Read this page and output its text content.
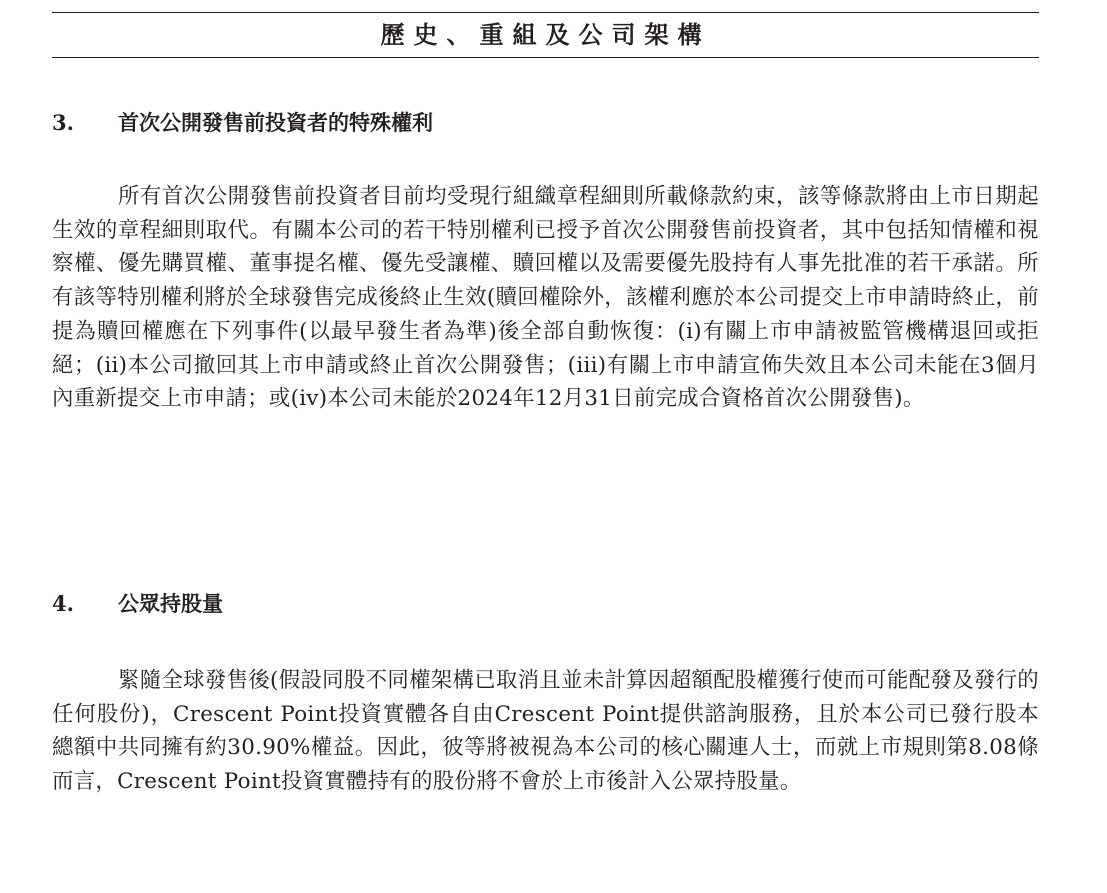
歷史、重組及公司架構
3.	首次公開發售前投資者的特殊權利
所有首次公開發售前投資者目前均受現行組織章程細則所載條款約束，該等條款將由上市日期起生效的章程細則取代。有關本公司的若干特別權利已授予首次公開發售前投資者，其中包括知情權和視察權、優先購買權、董事提名權、優先受讓權、贖回權以及需要優先股持有人事先批准的若干承諾。所有該等特別權利將於全球發售完成後終止生效(贖回權除外，該權利應於本公司提交上市申請時終止，前提為贖回權應在下列事件(以最早發生者為準)後全部自動恢復：(i)有關上市申請被監管機構退回或拒絕；(ii)本公司撤回其上市申請或終止首次公開發售；(iii)有關上市申請宣佈失效且本公司未能在3個月內重新提交上市申請；或(iv)本公司未能於2024年12月31日前完成合資格首次公開發售)。
4.	公眾持股量
緊隨全球發售後(假設同股不同權架構已取消且並未計算因超額配股權獲行使而可能配發及發行的任何股份)，Crescent Point投資實體各自由Crescent Point提供諮詢服務，且於本公司已發行股本總額中共同擁有約30.90%權益。因此，彼等將被視為本公司的核心關連人士，而就上市規則第8.08條而言，Crescent Point投資實體持有的股份將不會於上市後計入公眾持股量。
